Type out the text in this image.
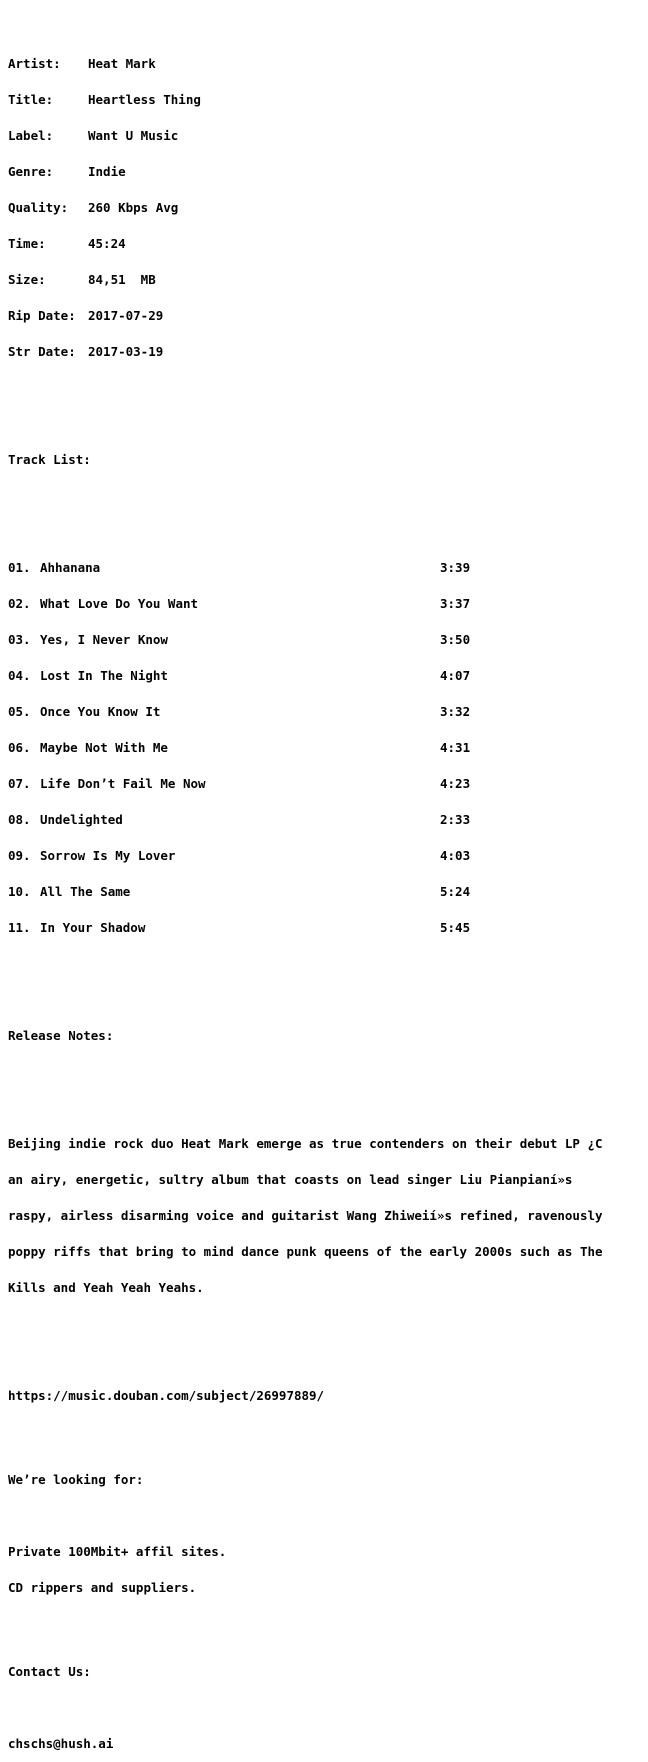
Artist: Heat Mark

Title:	Heartless Thing

Label:	Want U Music

Genre:	Indie

Quality: 260 Kbps Avg

Time:	45:24

Size:	84,51  MB

Rip Date: 2017-07-29

Str Date: 2017-03-19

Track List:

01. Ahhanana	3:39

02. What Love Do You Want	3:37

03. Yes, I Never Know	3:50

04. Lost In The Night	4:07

05. Once You Know It	3:32

06. Maybe Not With Me	4:31

07. Life Don’t Fail Me Now	4:23

08. Undelighted	2:33

09. Sorrow Is My Lover	4:03

10. All The Same	5:24

11. In Your Shadow	5:45

Release Notes:

Beijing indie rock duo Heat Mark emerge as true contenders on their debut LP ¿C

an airy, energetic, sultry album that coasts on lead singer Liu Pianpianí»s

raspy, airless disarming voice and guitarist Wang Zhiweií»s refined, ravenously

poppy riffs that bring to mind dance punk queens of the early 2000s such as The

Kills and Yeah Yeah Yeahs.

https://music.douban.com/subject/26997889/

We’re looking for:

Private 100Mbit+ affil sites.

CD rippers and suppliers.

Contact Us:

chschs@hush.ai
